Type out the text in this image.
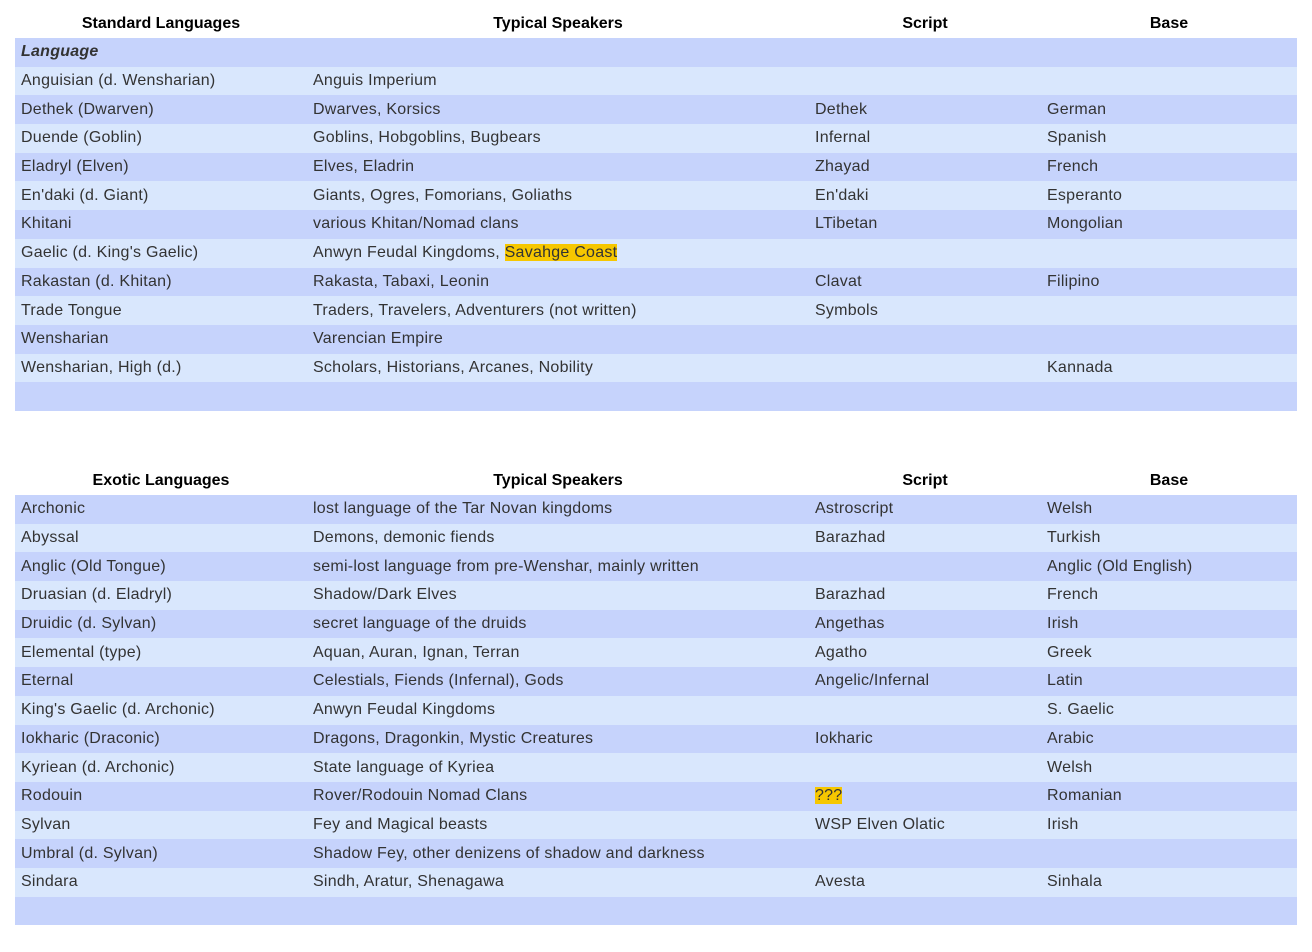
Standard Languages	Typical Speakers	Script	Base
Language			
Anguisian (d. Wensharian)	Anguis Imperium		
Dethek (Dwarven)	Dwarves, Korsics	Dethek	German
Duende (Goblin)	Goblins, Hobgoblins, Bugbears	Infernal	Spanish
Eladryl (Elven)	Elves, Eladrin	Zhayad	French
En'daki (d. Giant)	Giants, Ogres, Fomorians, Goliaths	En'daki	Esperanto
Khitani	various Khitan/Nomad clans	LTibetan	Mongolian
Gaelic (d. King's Gaelic)	Anwyn Feudal Kingdoms, Savahge Coast		
Rakastan (d. Khitan)	Rakasta, Tabaxi, Leonin	Clavat	Filipino
Trade Tongue	Traders, Travelers, Adventurers (not written)	Symbols	
Wensharian	Varencian Empire		
Wensharian, High (d.)	Scholars, Historians, Arcanes, Nobility		Kannada

Exotic Languages	Typical Speakers	Script	Base
Archonic	lost language of the Tar Novan kingdoms	Astroscript	Welsh
Abyssal	Demons, demonic fiends	Barazhad	Turkish
Anglic (Old Tongue)	semi-lost language from pre-Wenshar, mainly written		Anglic (Old English)
Druasian (d. Eladryl)	Shadow/Dark Elves	Barazhad	French
Druidic (d. Sylvan)	secret language of the druids	Angethas	Irish
Elemental (type)	Aquan, Auran, Ignan, Terran	Agatho	Greek
Eternal	Celestials, Fiends (Infernal), Gods	Angelic/Infernal	Latin
King's Gaelic (d. Archonic)	Anwyn Feudal Kingdoms		S. Gaelic
Iokharic (Draconic)	Dragons, Dragonkin, Mystic Creatures	Iokharic	Arabic
Kyriean (d. Archonic)	State language of Kyriea		Welsh
Rodouin	Rover/Rodouin Nomad Clans	???	Romanian
Sylvan	Fey and Magical beasts	WSP Elven Olatic	Irish
Umbral (d. Sylvan)	Shadow Fey, other denizens of shadow and darkness		
Sindara	Sindh, Aratur, Shenagawa	Avesta	Sinhala
